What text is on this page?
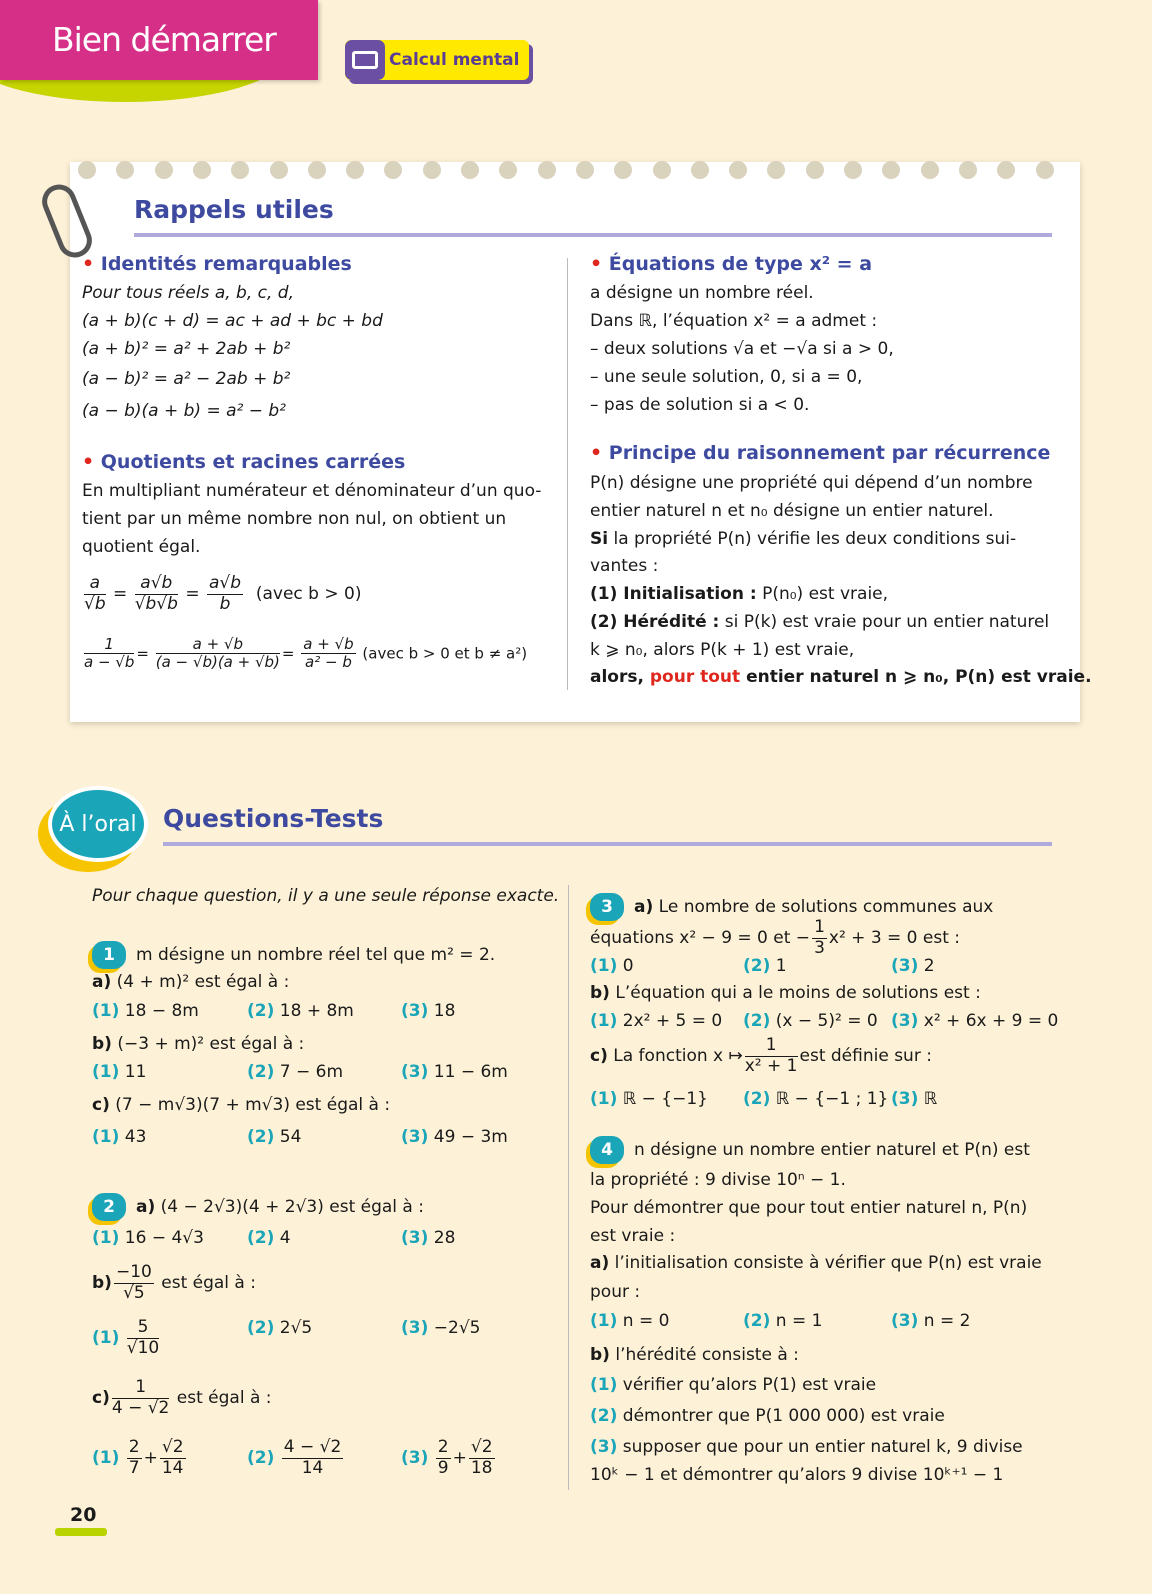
Bien démarrer
Calcul mental
Rappels utiles
• Identités remarquables
Pour tous réels a, b, c, d,
(a + b)(c + d) = ac + ad + bc + bd
(a + b)² = a² + 2ab + b²
(a − b)² = a² − 2ab + b²
(a − b)(a + b) = a² − b²
• Quotients et racines carrées
En multipliant numérateur et dénominateur d’un quo-
tient par un même nombre non nul, on obtient un
quotient égal.
$\frac{a}{√b} = \frac{a√b}{√b√b} = \frac{a√b}{b}$ (avec b > 0)
$\frac{1}{a - √b} = \frac{a + √b}{(a - √b)(a + √b)} = \frac{a + √b}{\text{a² − b}}$ (avec b > 0 et b ≠ a²)
• Équations de type x² = a
a désigne un nombre réel.
Dans ℝ, l’équation x² = a admet :
– deux solutions √a et −√a si a > 0,
– une seule solution, 0, si a = 0,
– pas de solution si a < 0.
• Principe du raisonnement par récurrence
P(n) désigne une propriété qui dépend d’un nombre
entier naturel n et n₀ désigne un entier naturel.
Si la propriété P(n) vérifie les deux conditions sui-
vantes :
(1) Initialisation : P(n₀) est vraie,
(2) Hérédité : si P(k) est vraie pour un entier naturel
k ⩾ n₀, alors P(k + 1) est vraie,
alors, pour tout entier naturel n ⩾ n₀, P(n) est vraie.
À l’oral Questions-Tests
Pour chaque question, il y a une seule réponse exacte.
1 m désigne un nombre réel tel que m² = 2.
a) (4 + m)² est égal à :
(1) 18 − 8m	(2) 18 + 8m	(3) 18
b) (−3 + m)² est égal à :
(1) 11	(2) 7 − 6m	(3) 11 − 6m
c) (7 − m√3)(7 + m√3) est égal à :
(1) 43	(2) 54	(3) 49 − 3m
2 a) (4 − 2√3)(4 + 2√3) est égal à :
(1) 16 − 4√3	(2) 4	(3) 28
$b) \frac{-10}{√5}$ est égal à :
$(1) \frac{5}{√10}$	(2) 2√5	(3) −2√5
$c) \frac{1}{4 - √2}$ est égal à :
$(1) \frac{2}{7} + \frac{√2}{14}$	$(2) \frac{4 - √2}{14}$	$(3) \frac{2}{9} + \frac{√2}{18}$
3 a) Le nombre de solutions communes aux
équations x² − 9 = 0 et − $\frac{1}{3} x^2 + 3 = 0$ est :
(1) 0	(2) 1	(3) 2
b) L’équation qui a le moins de solutions est :
(1) 2x² + 5 = 0 (2) (x − 5)² = 0 (3) x² + 6x + 9 = 0
c) La fonction x ↦ $\frac{1}{\text{x² + 1}}$ est définie sur :
(1) ℝ − {−1} (2) ℝ − {−1 ; 1} (3) ℝ
4 n désigne un nombre entier naturel et P(n) est
la propriété : 9 divise 10ⁿ − 1.
Pour démontrer que pour tout entier naturel n, P(n)
est vraie :
a) l’initialisation consiste à vérifier que P(n) est vraie
pour :
(1) n = 0	(2) n = 1	(3) n = 2
b) l’hérédité consiste à :
(1) vérifier qu’alors P(1) est vraie
(2) démontrer que P(1 000 000) est vraie
(3) supposer que pour un entier naturel k, 9 divise
10ᵏ − 1 et démontrer qu’alors 9 divise 10ᵏ⁺¹ − 1
20
